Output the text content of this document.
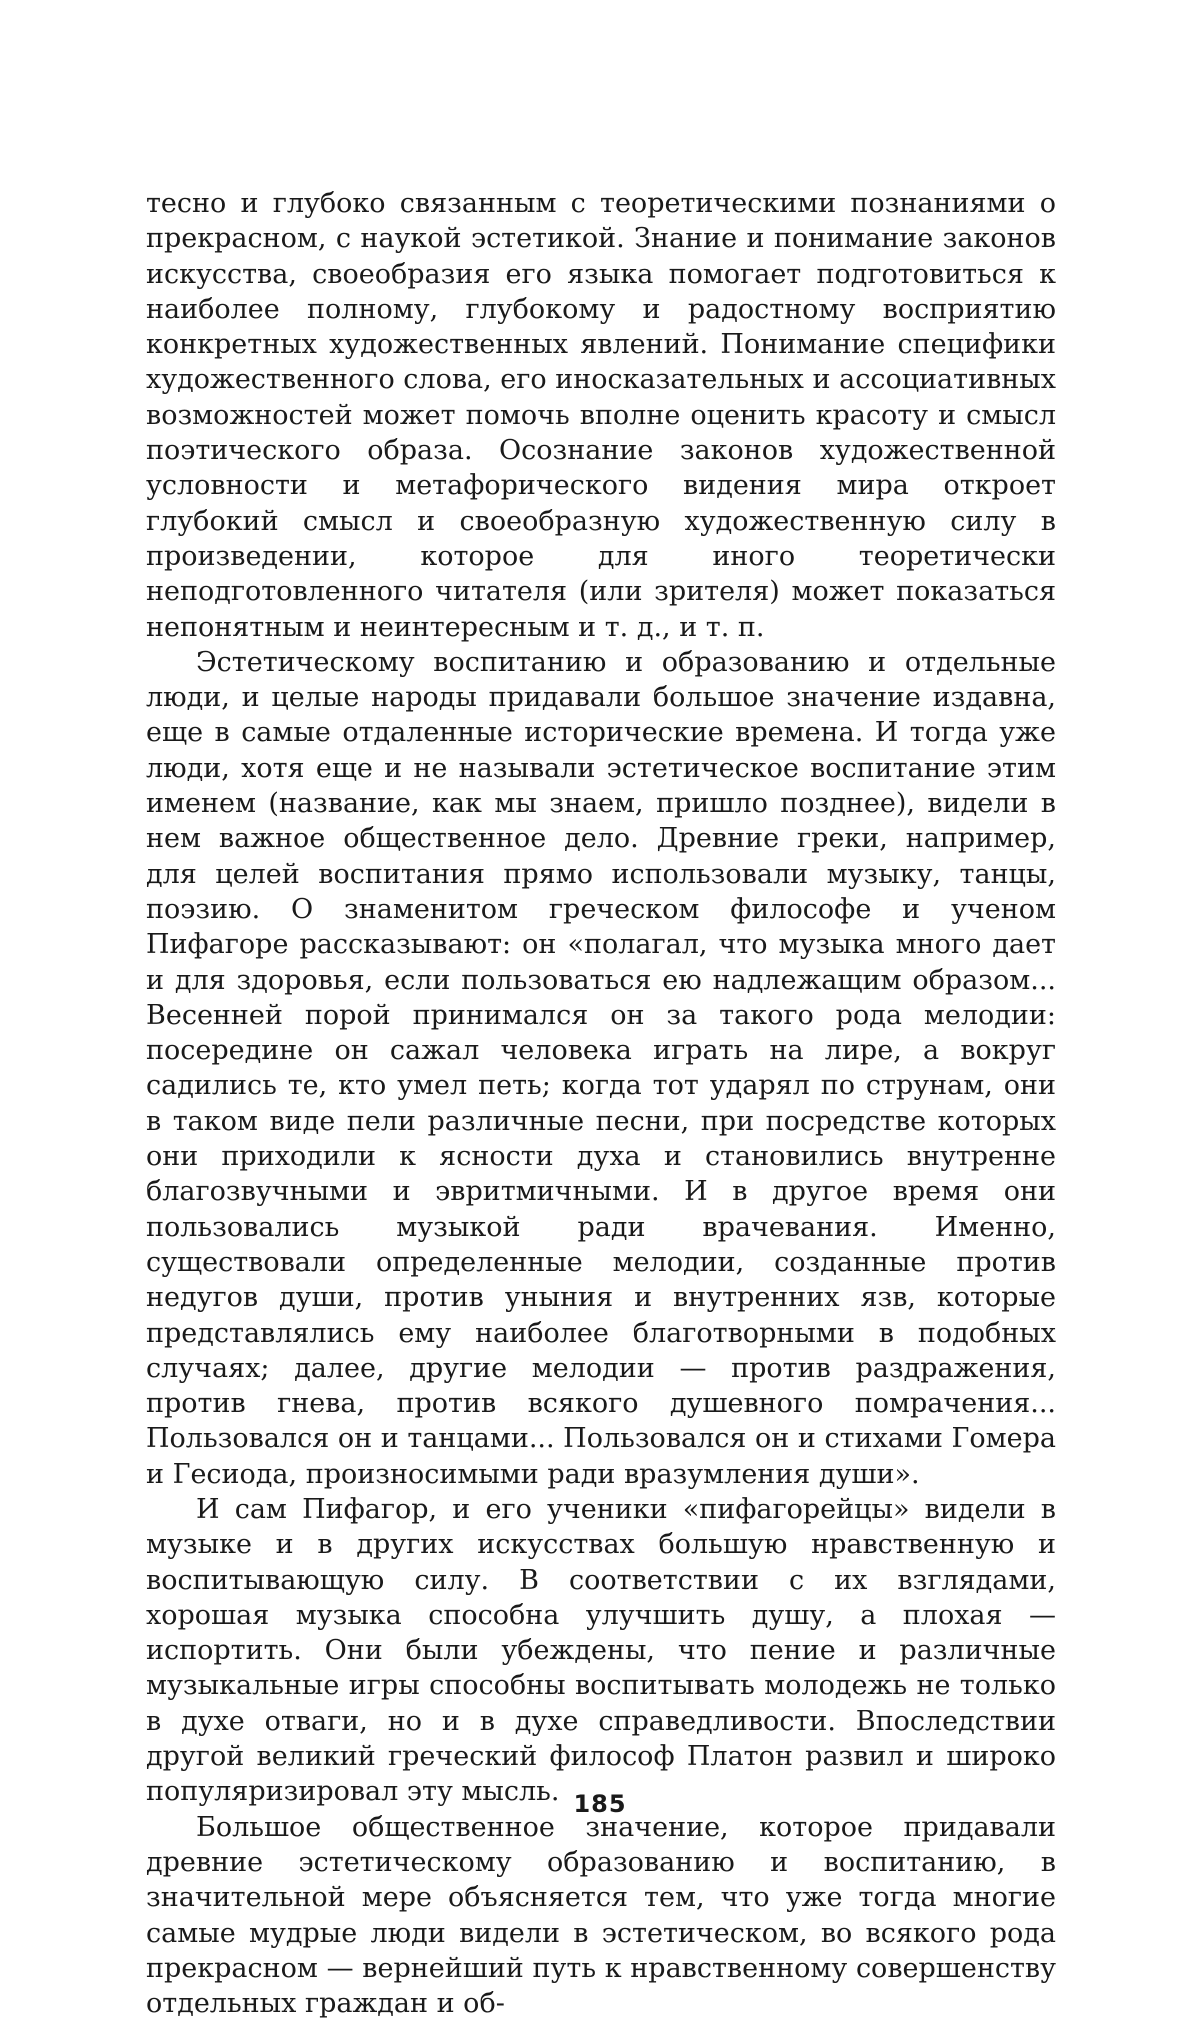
тесно и глубоко связанным с теоретическими познаниями о прекрасном, с наукой эстетикой. Знание и понимание законов искусства, своеобразия его языка помогает подготовиться к наиболее полному, глубокому и радостному восприятию конкретных художественных явлений. Понимание специфики художественного слова, его иносказательных и ассоциативных возможностей может помочь вполне оценить красоту и смысл поэтического образа. Осознание законов художественной условности и метафорического видения мира откроет глубокий смысл и своеобразную художественную силу в произведении, которое для иного теоретически неподготовленного читателя (или зрителя) может показаться непонятным и неинтересным и т. д., и т. п.

Эстетическому воспитанию и образованию и отдельные люди, и целые народы придавали большое значение издавна, еще в самые отдаленные исторические времена. И тогда уже люди, хотя еще и не называли эстетическое воспитание этим именем (название, как мы знаем, пришло позднее), видели в нем важное общественное дело. Древние греки, например, для целей воспитания прямо использовали музыку, танцы, поэзию. О знаменитом греческом философе и ученом Пифагоре рассказывают: он «полагал, что музыка много дает и для здоровья, если пользоваться ею надлежащим образом... Весенней порой принимался он за такого рода мелодии: посередине он сажал человека играть на лире, а вокруг садились те, кто умел петь; когда тот ударял по струнам, они в таком виде пели различные песни, при посредстве которых они приходили к ясности духа и становились внутренне благозвучными и эвритмичными. И в другое время они пользовались музыкой ради врачевания. Именно, существовали определенные мелодии, созданные против недугов души, против уныния и внутренних язв, которые представлялись ему наиболее благотворными в подобных случаях; далее, другие мелодии — против раздражения, против гнева, против всякого душевного помрачения... Пользовался он и танцами... Пользовался он и стихами Гомера и Гесиода, произносимыми ради вразумления души».

И сам Пифагор, и его ученики «пифагорейцы» видели в музыке и в других искусствах большую нравственную и воспитывающую силу. В соответствии с их взглядами, хорошая музыка способна улучшить душу, а плохая — испортить. Они были убеждены, что пение и различные музыкальные игры способны воспитывать молодежь не только в духе отваги, но и в духе справедливости. Впоследствии другой великий греческий философ Платон развил и широко популяризировал эту мысль.

Большое общественное значение, которое придавали древние эстетическому образованию и воспитанию, в значительной мере объясняется тем, что уже тогда многие самые мудрые люди видели в эстетическом, во всякого рода прекрасном — вернейший путь к нравственному совершенству отдельных граждан и об-

185
